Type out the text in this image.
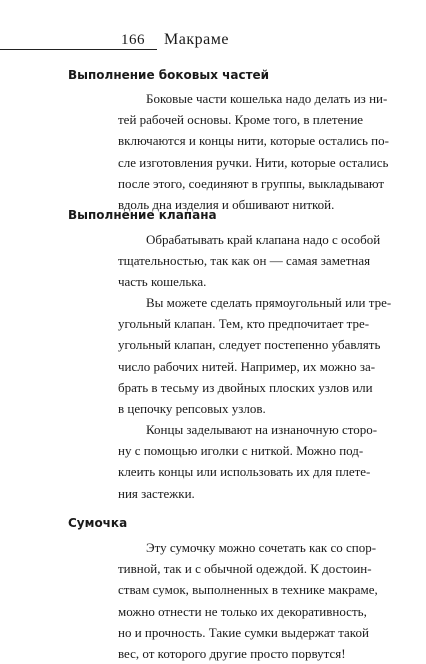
166 Макраме
Выполнение боковых частей
Боковые части кошелька надо делать из ни-
тей рабочей основы. Кроме того, в плетение
включаются и концы нити, которые остались по-
сле изготовления ручки. Нити, которые остались
после этого, соединяют в группы, выкладывают
вдоль дна изделия и обшивают ниткой.
Выполнение клапана
Обрабатывать край клапана надо с особой
тщательностью, так как он — самая заметная
часть кошелька.
Вы можете сделать прямоугольный или тре-
угольный клапан. Тем, кто предпочитает тре-
угольный клапан, следует постепенно убавлять
число рабочих нитей. Например, их можно за-
брать в тесьму из двойных плоских узлов или
в цепочку репсовых узлов.
Концы заделывают на изнаночную сторо-
ну с помощью иголки с ниткой. Можно под-
клеить концы или использовать их для плете-
ния застежки.
Сумочка
Эту сумочку можно сочетать как со спор-
тивной, так и с обычной одеждой. К достоин-
ствам сумок, выполненных в технике макраме,
можно отнести не только их декоративность,
но и прочность. Такие сумки выдержат такой
вес, от которого другие просто порвутся!
